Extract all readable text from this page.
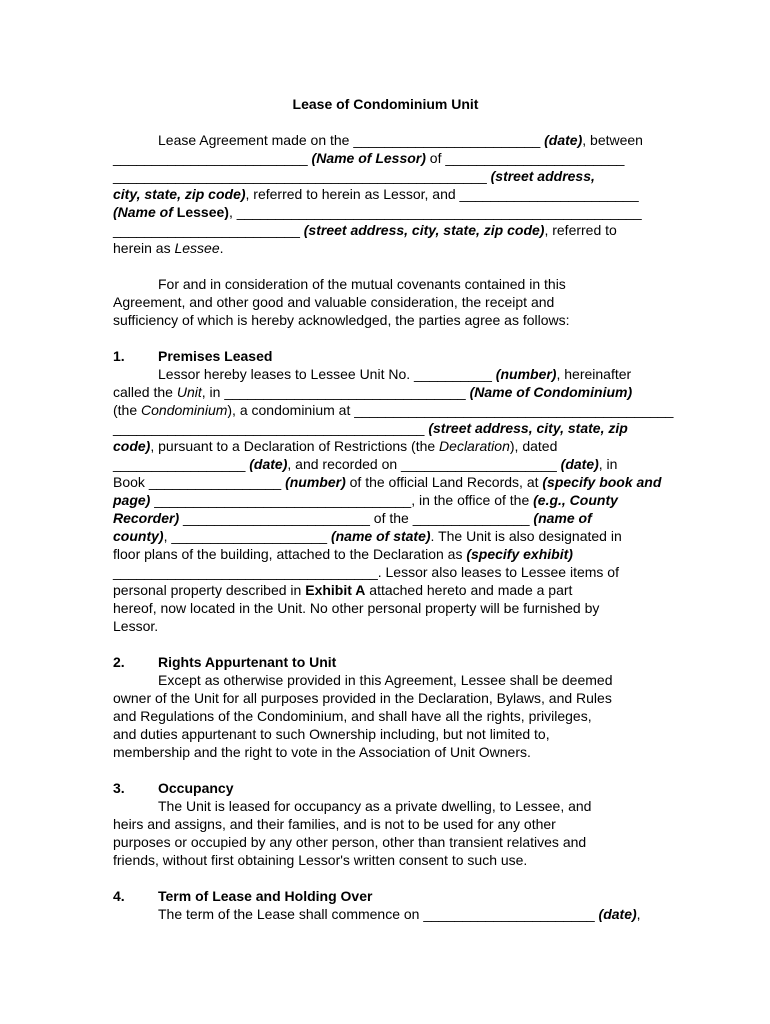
Lease of Condominium Unit
Lease Agreement made on the ________________________ (date), between
_________________________ (Name of Lessor) of _______________________
________________________________________________ (street address,
city, state, zip code), referred to herein as Lessor, and _______________________
(Name of Lessee), ____________________________________________________
________________________ (street address, city, state, zip code), referred to
herein as Lessee.
For and in consideration of the mutual covenants contained in this
Agreement, and other good and valuable consideration, the receipt and
sufficiency of which is hereby acknowledged, the parties agree as follows:
1. Premises Leased
Lessor hereby leases to Lessee Unit No. __________ (number), hereinafter
called the Unit, in _______________________________ (Name of Condominium)
(the Condominium), a condominium at _________________________________________
________________________________________ (street address, city, state, zip
code), pursuant to a Declaration of Restrictions (the Declaration), dated
_________________ (date), and recorded on ____________________ (date), in
Book _________________ (number) of the official Land Records, at (specify book and
page) _________________________________, in the office of the (e.g., County
Recorder) ________________________ of the _______________ (name of
county), ____________________ (name of state). The Unit is also designated in
floor plans of the building, attached to the Declaration as (specify exhibit)
__________________________________. Lessor also leases to Lessee items of
personal property described in Exhibit A attached hereto and made a part
hereof, now located in the Unit. No other personal property will be furnished by
Lessor.
2. Rights Appurtenant to Unit
Except as otherwise provided in this Agreement, Lessee shall be deemed
owner of the Unit for all purposes provided in the Declaration, Bylaws, and Rules
and Regulations of the Condominium, and shall have all the rights, privileges,
and duties appurtenant to such Ownership including, but not limited to,
membership and the right to vote in the Association of Unit Owners.
3. Occupancy
The Unit is leased for occupancy as a private dwelling, to Lessee, and
heirs and assigns, and their families, and is not to be used for any other
purposes or occupied by any other person, other than transient relatives and
friends, without first obtaining Lessor's written consent to such use.
4. Term of Lease and Holding Over
The term of the Lease shall commence on ______________________ (date),
